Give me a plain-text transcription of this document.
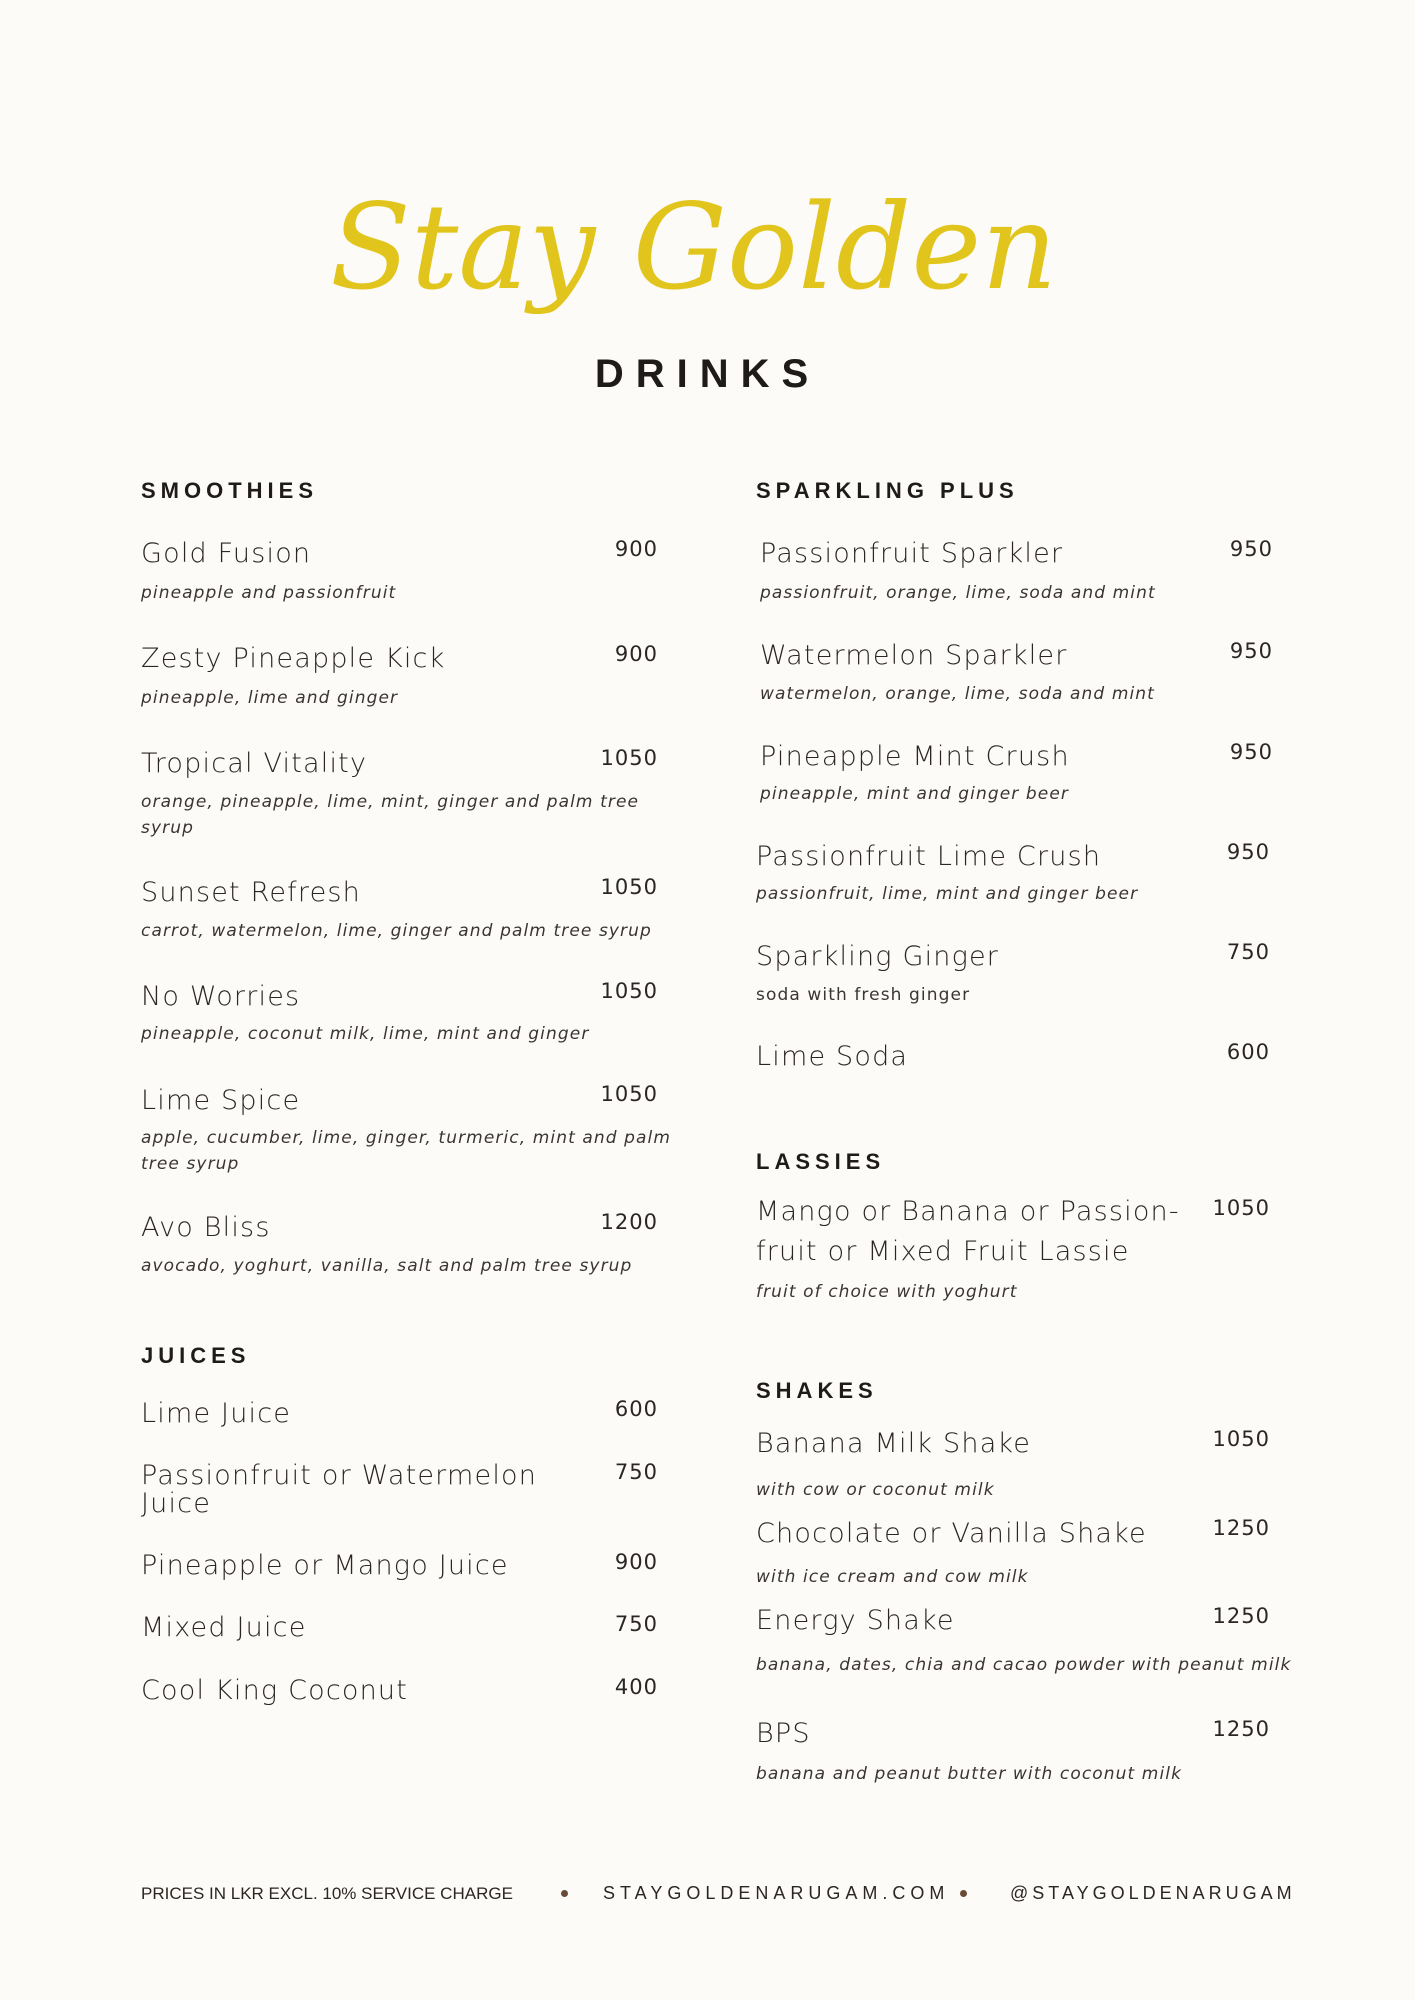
Stay Golden
DRINKS
SMOOTHIES
Gold Fusion	900
pineapple and passionfruit
Zesty Pineapple Kick	900
pineapple, lime and ginger
Tropical Vitality	1050
orange, pineapple, lime, mint, ginger and palm tree
syrup
Sunset Refresh	1050
carrot, watermelon, lime, ginger and palm tree syrup
No Worries	1050
pineapple, coconut milk, lime, mint and ginger
Lime Spice	1050
apple, cucumber, lime, ginger, turmeric, mint and palm
tree syrup
Avo Bliss	1200
avocado, yoghurt, vanilla, salt and palm tree syrup
JUICES
Lime Juice	600
Passionfruit or Watermelon
Juice
750
Pineapple or Mango Juice	900
Mixed Juice	750
Cool King Coconut	400
SPARKLING PLUS
Passionfruit Sparkler	950
passionfruit, orange, lime, soda and mint
Watermelon Sparkler	950
watermelon, orange, lime, soda and mint
Pineapple Mint Crush	950
pineapple, mint and ginger beer
Passionfruit Lime Crush	950
passionfruit, lime, mint and ginger beer
Sparkling Ginger	750
soda with fresh ginger
Lime Soda	600
LASSIES
Mango or Banana or Passion-
fruit or Mixed Fruit Lassie
1050
fruit of choice with yoghurt
SHAKES
Banana Milk Shake	1050
with cow or coconut milk
Chocolate or Vanilla Shake	1250
with ice cream and cow milk
Energy Shake	1250
banana, dates, chia and cacao powder with peanut milk
BPS	1250
banana and peanut butter with coconut milk
PRICES IN LKR EXCL. 10% SERVICE CHARGE	STAYGOLDENARUGAM.COM	@STAYGOLDENARUGAM
